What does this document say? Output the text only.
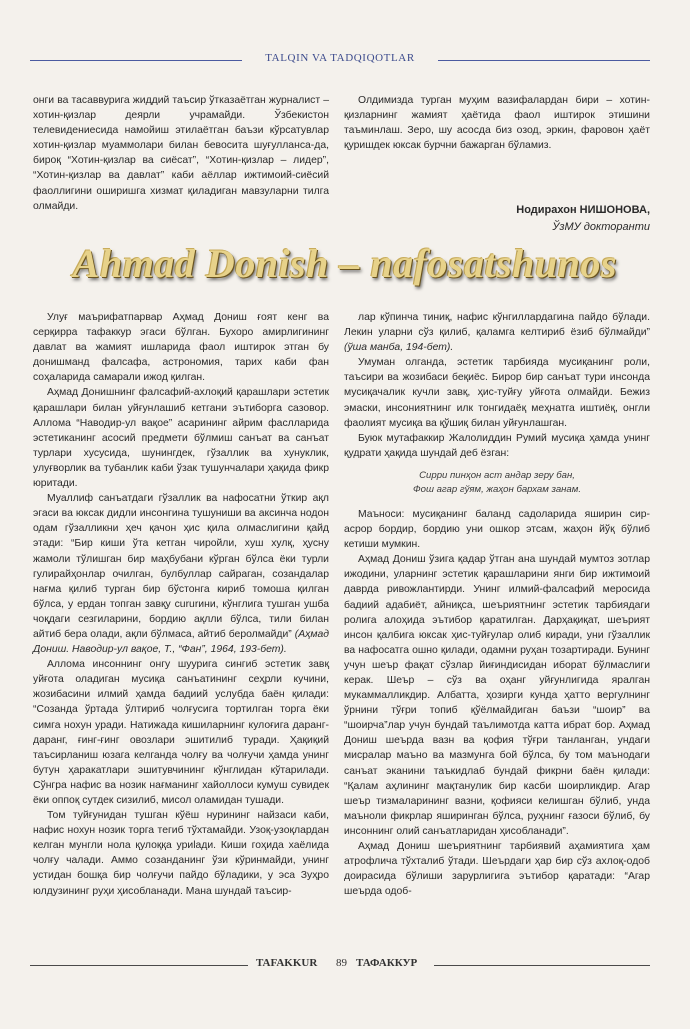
TALQIN VA TADQIQOTLAR

онги ва тасаввурига жиддий таъсир ўтказаётган журналист – хотин-қизлар деярли учрамайди. Ўзбекистон телевидениесида намойиш этилаётган баъзи кўрсатувлар хотин-қизлар муаммолари билан бевосита шуғулланса-да, бироқ “Хотин-қизлар ва сиёсат”, “Хотин-қизлар – лидер”, “Хотин-қизлар ва давлат” каби аёллар ижтимоий-сиёсий фаоллигини оширишга хизмат қиладиган мавзуларни тилга олмайди.

Олдимизда турган муҳим вазифалардан бири – хотин-қизларнинг жамият ҳаётида фаол иштирок этишини таъминлаш. Зеро, шу асосда биз озод, эркин, фаровон ҳаёт қуришдек юксак бурчни бажарган бўламиз.

Нодирахон НИШОНОВА,
ЎзМУ докторанти
Ahmad Donish – nafosatshunos

Улуғ маърифатпарвар Аҳмад Дониш ғоят кенг ва серқирра тафаккур эгаси бўлган. Бухоро амирлигининг давлат ва жамият ишларида фаол иштирок этган бу донишманд фалсафа, астрономия, тарих каби фан соҳаларида самарали ижод қилган.

Аҳмад Донишнинг фалсафий-ахлоқий қарашлари эстетик қарашлари билан уйғунлашиб кетгани эътиборга сазовор. Аллома “Наводир-ул вақое” асарининг айрим фаслларида эстетиканинг асосий предмети бўлмиш санъат ва санъат турлари хусусида, шунингдек, гўзаллик ва хунуклик, улуғворлик ва тубанлик каби ўзак тушунчалари ҳақида фикр юритади.

Муаллиф санъатдаги гўзаллик ва нафосатни ўткир ақл эгаси ва юксак дидли инсонгина тушуниши ва аксинча нодон одам гўзалликни ҳеч қачон ҳис қила олмаслигини қайд этади: “Бир киши ўта кетган чиройли, хуш хулқ, ҳусну жамоли тўлишган бир маҳбубани кўрган бўлса ёки турли гулирайҳонлар очилган, булбуллар сайраган, созандалар нағма қилиб турган бир бўстонга кириб томоша қилган бўлса, у ердан топган завқу сururини, кўнглига тушган ушба чоқдаги сезгиларини, бордию ақлли бўлса, тили билан айтиб бера олади, ақли бўлмаса, айтиб беролмайди” (Аҳмад Дониш. Наводир-ул вақое, Т., “Фан”, 1964, 193-бет).

Аллома инсоннинг онгу шуурига сингиб эстетик завқ уйғота оладиган мусиқа санъатининг сеҳрли кучини, жозибасини илмий ҳамда бадиий услубда баён қилади: “Созанда ўртада ўлтириб чолғусига тортилган торга ёки симга нохун уради. Натижада кишиларнинг кулоғига даранг-даранг, ғинг-ғинг овозлари эшитилиб туради. Ҳақиқий таъсирланиш юзага келганда чолғу ва чолғучи ҳамда унинг бутун ҳаракатлари эшитувчининг кўнглидан кўтарилади. Сўнгра нафис ва нозик нағманинг хайоллоси кумуш сувидек ёки оппоқ сутдек сизилиб, мисол оламидан тушади.

Том туйғунидан тушган кўёш нурининг найзаси каби, нафис нохун нозик торга тегиб тўхтамайди. Узоқ-узоқлардан келган мунгли нола қулоққа уриlади. Киши гоҳида хаёлида чолғу чалади. Аммо созанданинг ўзи кўринмайди, унинг устидан бошқа бир чолғучи пайдо бўладики, у эса Зуҳро юлдузининг руҳи ҳисобланади. Мана шундай таъсир-

лар кўпинча тиниқ, нафис кўнгиллардагина пайдо бўлади. Лекин уларни сўз қилиб, қаламга келтириб ёзиб бўлмайди” (ўша манба, 194-бет).

Умуман олганда, эстетик тарбияда мусиқанинг роли, таъсири ва жозибаси беқиёс. Бирор бир санъат тури инсонда мусиқачалик кучли завқ, ҳис-туйғу уйғота олмайди. Бежиз эмаски, инсониятнинг илк тонгидаёқ меҳнатга иштиёқ, онгли фаолият мусиқа ва қўшиқ билан уйғунлашган.

Буюк мутафаккир Жалолиддин Румий мусиқа ҳамда унинг қудрати ҳақида шундай деб ёзган:

Сирри пинҳон аст андар зеру бан,
Фош агар гўям, жаҳон бархам занам.

Маъноси: мусиқанинг баланд садоларида яширин сир-асрор бордир, бордию уни ошкор этсам, жаҳон йўқ бўлиб кетиши мумкин.

Аҳмад Дониш ўзига қадар ўтган ана шундай мумтоз зотлар ижодини, уларнинг эстетик қарашларини янги бир ижтимоий даврда ривожлантирди. Унинг илмий-фалсафий меросида бадиий адабиёт, айниқса, шеъриятнинг эстетик тарбиядаги ролига алоҳида эътибор қаратилган. Дарҳақиқат, шеърият инсон қалбига юксак ҳис-туйғулар олиб киради, уни гўзаллик ва нафосатга ошно қилади, одамни руҳан тозартиради. Бунинг учун шеър фақат сўзлар йиғиндисидан иборат бўлмаслиги керак. Шеър – сўз ва оҳанг уйғунлигида яралган мукаммалликдир. Албатта, ҳозирги кунда ҳатто вергулнинг ўрнини тўғри топиб қўёлмайдиган баъзи “шоир” ва “шоирча”лар учун бундай таълимотда катта ибрат бор. Аҳмад Дониш шеърда вазн ва қофия тўғри танланган, ундаги мисралар маъно ва мазмунга бой бўлса, бу том маънодаги санъат эканини таъкидлаб бундай фикрни баён қилади: “Қалам аҳлининг мақтанулик бир касби шоирликдир. Агар шеър тизмаларининг вазни, қофияси келишган бўлиб, унда маъноли фикрлар яширинган бўлса, руҳнинг ғазоси бўлиб, бу инсоннинг олий санъатларидан ҳисобланади”.

Аҳмад Дониш шеъриятнинг тарбиявий аҳамиятига ҳам атрофлича тўхталиб ўтади. Шеърдаги ҳар бир сўз ахлоқ-одоб доирасида бўлиши зарурлигига эътибор қаратади: “Агар шеърда одоб-

TAFAKKUR 89 ТАФАККУР
